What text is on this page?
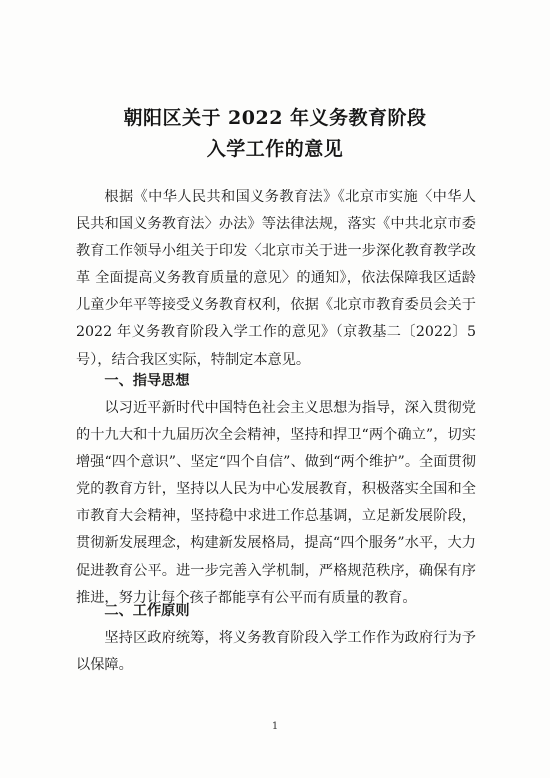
朝阳区关于 2022 年义务教育阶段
入学工作的意见

根据《中华人民共和国义务教育法》《北京市实施〈中华人民共和国义务教育法〉办法》等法律法规，落实《中共北京市委教育工作领导小组关于印发〈北京市关于进一步深化教育教学改革 全面提高义务教育质量的意见〉的通知》，依法保障我区适龄儿童少年平等接受义务教育权利，依据《北京市教育委员会关于 2022 年义务教育阶段入学工作的意见》（京教基二〔2022〕5 号），结合我区实际，特制定本意见。

一、指导思想

以习近平新时代中国特色社会主义思想为指导，深入贯彻党的十九大和十九届历次全会精神，坚持和捍卫“两个确立”，切实增强“四个意识”、坚定“四个自信”、做到“两个维护”。全面贯彻党的教育方针，坚持以人民为中心发展教育，积极落实全国和全市教育大会精神，坚持稳中求进工作总基调，立足新发展阶段，贯彻新发展理念，构建新发展格局，提高“四个服务”水平，大力促进教育公平。进一步完善入学机制，严格规范秩序，确保有序推进，努力让每个孩子都能享有公平而有质量的教育。

二、工作原则

坚持区政府统筹，将义务教育阶段入学工作作为政府行为予以保障。

1
